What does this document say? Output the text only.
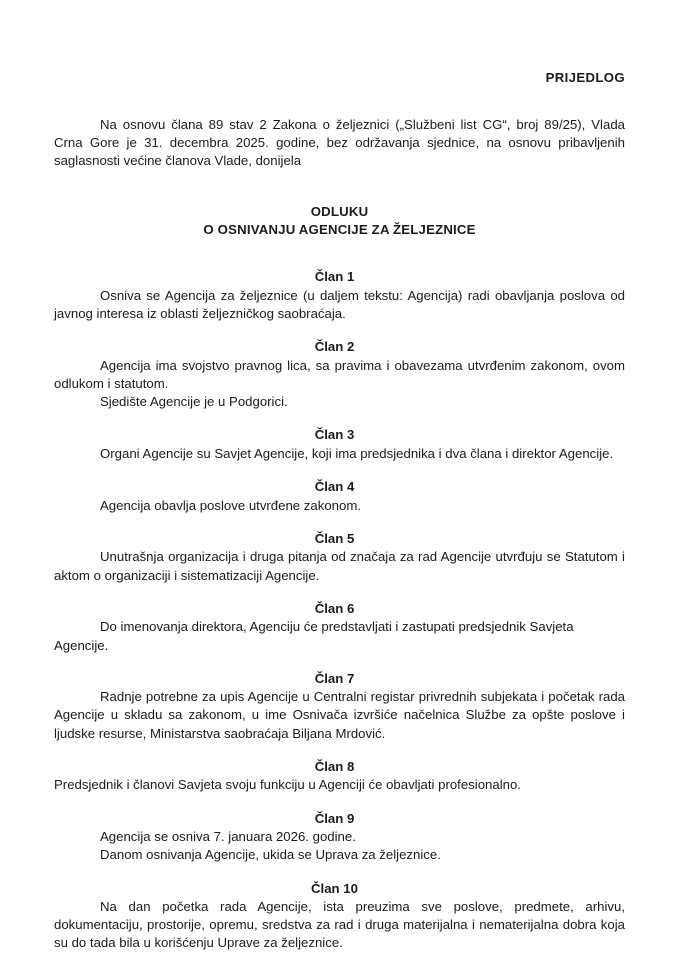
PRIJEDLOG

Na osnovu člana 89 stav 2 Zakona o željeznici („Službeni list CG“, broj 89/25), Vlada Crna Gore je 31. decembra 2025. godine, bez održavanja sjednice, na osnovu pribavljenih saglasnosti većine članova Vlade, donijela

ODLUKU
O OSNIVANJU AGENCIJE ZA ŽELJEZNICE
Član 1

Osniva se Agencija za željeznice (u daljem tekstu: Agencija) radi obavljanja poslova od javnog interesa iz oblasti željezničkog saobraćaja.

Član 2

Agencija ima svojstvo pravnog lica, sa pravima i obavezama utvrđenim zakonom, ovom odlukom i statutom.

Sjedište Agencije je u Podgorici.

Član 3

Organi Agencije su Savjet Agencije, koji ima predsjednika i dva člana i direktor Agencije.

Član 4

Agencija obavlja poslove utvrđene zakonom.

Član 5

Unutrašnja organizacija i druga pitanja od značaja za rad Agencije utvrđuju se Statutom i aktom o organizaciji i sistematizaciji Agencije.

Član 6

Do imenovanja direktora, Agenciju će predstavljati i zastupati predsjednik Savjeta Agencije.

Član 7

Radnje potrebne za upis Agencije u Centralni registar privrednih subjekata i početak rada Agencije u skladu sa zakonom, u ime Osnivača izvršiće načelnica Službe za opšte poslove i ljudske resurse, Ministarstva saobraćaja Biljana Mrdović.

Član 8

Predsjednik i članovi Savjeta svoju funkciju u Agenciji će obavljati profesionalno.

Član 9

Agencija se osniva 7. januara 2026. godine.

Danom osnivanja Agencije, ukida se Uprava za željeznice.

Član 10

Na dan početka rada Agencije, ista preuzima sve poslove, predmete, arhivu, dokumentaciju, prostorije, opremu, sredstva za rad i druga materijalna i nematerijalna dobra koja su do tada bila u korišćenju Uprave za željeznice.
